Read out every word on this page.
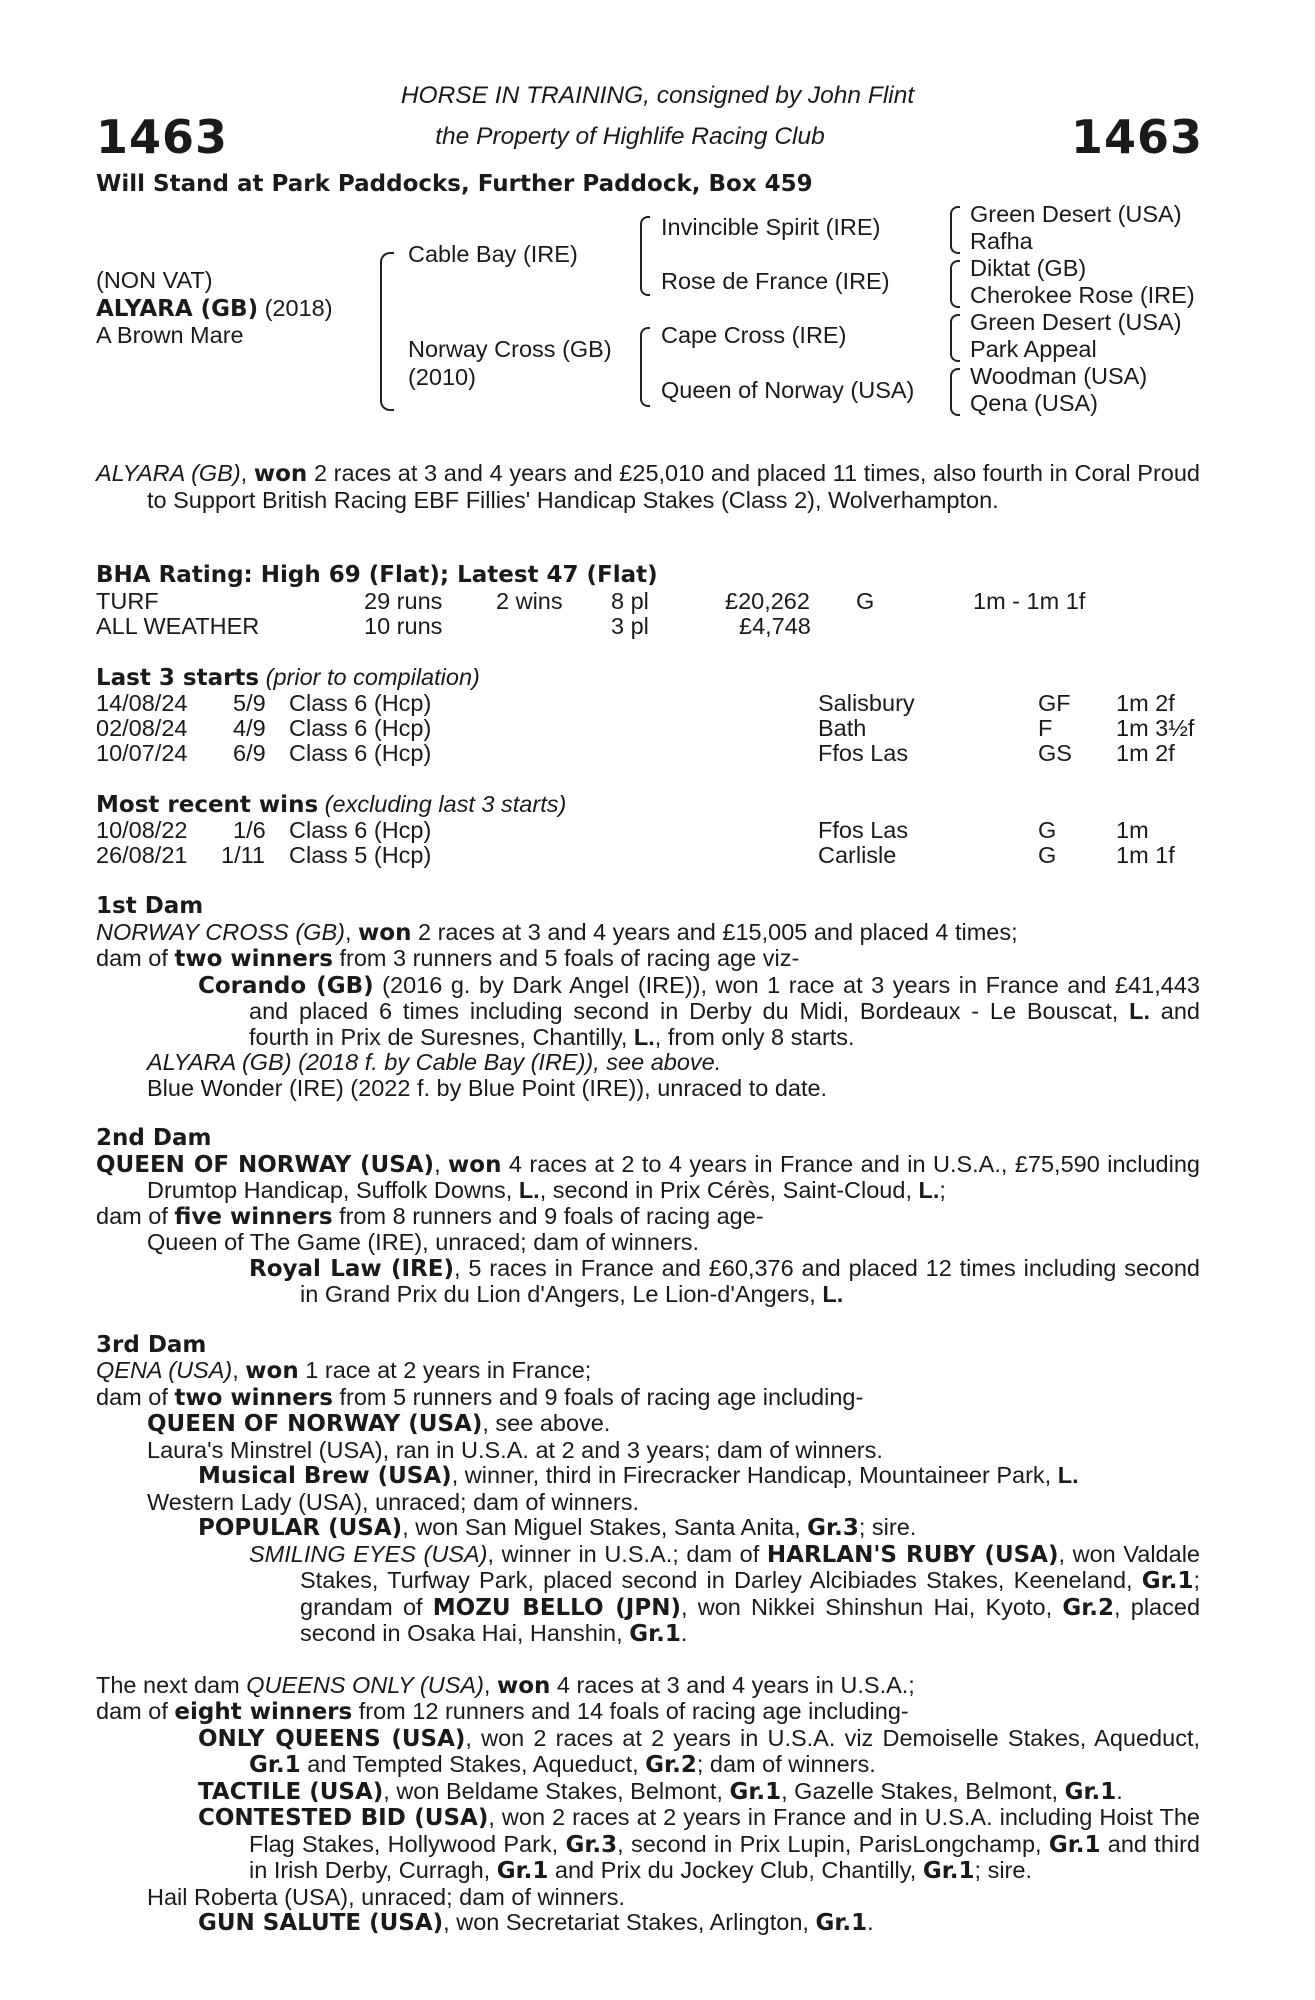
1463	1463
HORSE IN TRAINING, consigned by John Flint
the Property of Highlife Racing Club
Will Stand at Park Paddocks, Further Paddock, Box 459
(NON VAT)
ALYARA (GB) (2018)
A Brown Mare
Cable Bay (IRE)
Norway Cross (GB)
(2010)
Invincible Spirit (IRE)
Rose de France (IRE)
Cape Cross (IRE)
Queen of Norway (USA)
Green Desert (USA)
Rafha
Diktat (GB)
Cherokee Rose (IRE)
Green Desert (USA)
Park Appeal
Woodman (USA)
Qena (USA)

ALYARA (GB), won 2 races at 3 and 4 years and £25,010 and placed 11 times, also fourth in Coral Proud to Support British Racing EBF Fillies' Handicap Stakes (Class 2), Wolverhampton.

BHA Rating: High 69 (Flat); Latest 47 (Flat)
TURF	29 runs 2 wins 8 pl	£20,262 G	1m - 1m 1f
ALL WEATHER	10 runs	3 pl	£4,748
Last 3 starts (prior to compilation)
14/08/24 5/9 Class 6 (Hcp)	Salisbury	GF 1m 2f
02/08/24 4/9 Class 6 (Hcp)	Bath	F	1m 3½f
10/07/24 6/9 Class 6 (Hcp)	Ffos Las	GS 1m 2f
Most recent wins (excluding last 3 starts)
10/08/22 1/6 Class 6 (Hcp)	Ffos Las	G	1m
26/08/21 1/11 Class 5 (Hcp)	Carlisle	G	1m 1f

1st Dam

NORWAY CROSS (GB), won 2 races at 3 and 4 years and £15,005 and placed 4 times;

dam of two winners from 3 runners and 5 foals of racing age viz-

Corando (GB) (2016 g. by Dark Angel (IRE)), won 1 race at 3 years in France and £41,443 and placed 6 times including second in Derby du Midi, Bordeaux - Le Bouscat, L. and fourth in Prix de Suresnes, Chantilly, L., from only 8 starts.

ALYARA (GB) (2018 f. by Cable Bay (IRE)), see above.

Blue Wonder (IRE) (2022 f. by Blue Point (IRE)), unraced to date.

2nd Dam

QUEEN OF NORWAY (USA), won 4 races at 2 to 4 years in France and in U.S.A., £75,590 including Drumtop Handicap, Suffolk Downs, L., second in Prix Cérès, Saint-Cloud, L.;

dam of five winners from 8 runners and 9 foals of racing age-

Queen of The Game (IRE), unraced; dam of winners.

Royal Law (IRE), 5 races in France and £60,376 and placed 12 times including second in Grand Prix du Lion d'Angers, Le Lion-d'Angers, L.

3rd Dam

QENA (USA), won 1 race at 2 years in France;

dam of two winners from 5 runners and 9 foals of racing age including-

QUEEN OF NORWAY (USA), see above.

Laura's Minstrel (USA), ran in U.S.A. at 2 and 3 years; dam of winners.

Musical Brew (USA), winner, third in Firecracker Handicap, Mountaineer Park, L.

Western Lady (USA), unraced; dam of winners.

POPULAR (USA), won San Miguel Stakes, Santa Anita, Gr.3; sire.

SMILING EYES (USA), winner in U.S.A.; dam of HARLAN'S RUBY (USA), won Valdale Stakes, Turfway Park, placed second in Darley Alcibiades Stakes, Keeneland, Gr.1; grandam of MOZU BELLO (JPN), won Nikkei Shinshun Hai, Kyoto, Gr.2, placed second in Osaka Hai, Hanshin, Gr.1.

The next dam QUEENS ONLY (USA), won 4 races at 3 and 4 years in U.S.A.;

dam of eight winners from 12 runners and 14 foals of racing age including-

ONLY QUEENS (USA), won 2 races at 2 years in U.S.A. viz Demoiselle Stakes, Aqueduct, Gr.1 and Tempted Stakes, Aqueduct, Gr.2; dam of winners.

TACTILE (USA), won Beldame Stakes, Belmont, Gr.1, Gazelle Stakes, Belmont, Gr.1.

CONTESTED BID (USA), won 2 races at 2 years in France and in U.S.A. including Hoist The Flag Stakes, Hollywood Park, Gr.3, second in Prix Lupin, ParisLongchamp, Gr.1 and third in Irish Derby, Curragh, Gr.1 and Prix du Jockey Club, Chantilly, Gr.1; sire.

Hail Roberta (USA), unraced; dam of winners.

GUN SALUTE (USA), won Secretariat Stakes, Arlington, Gr.1.
